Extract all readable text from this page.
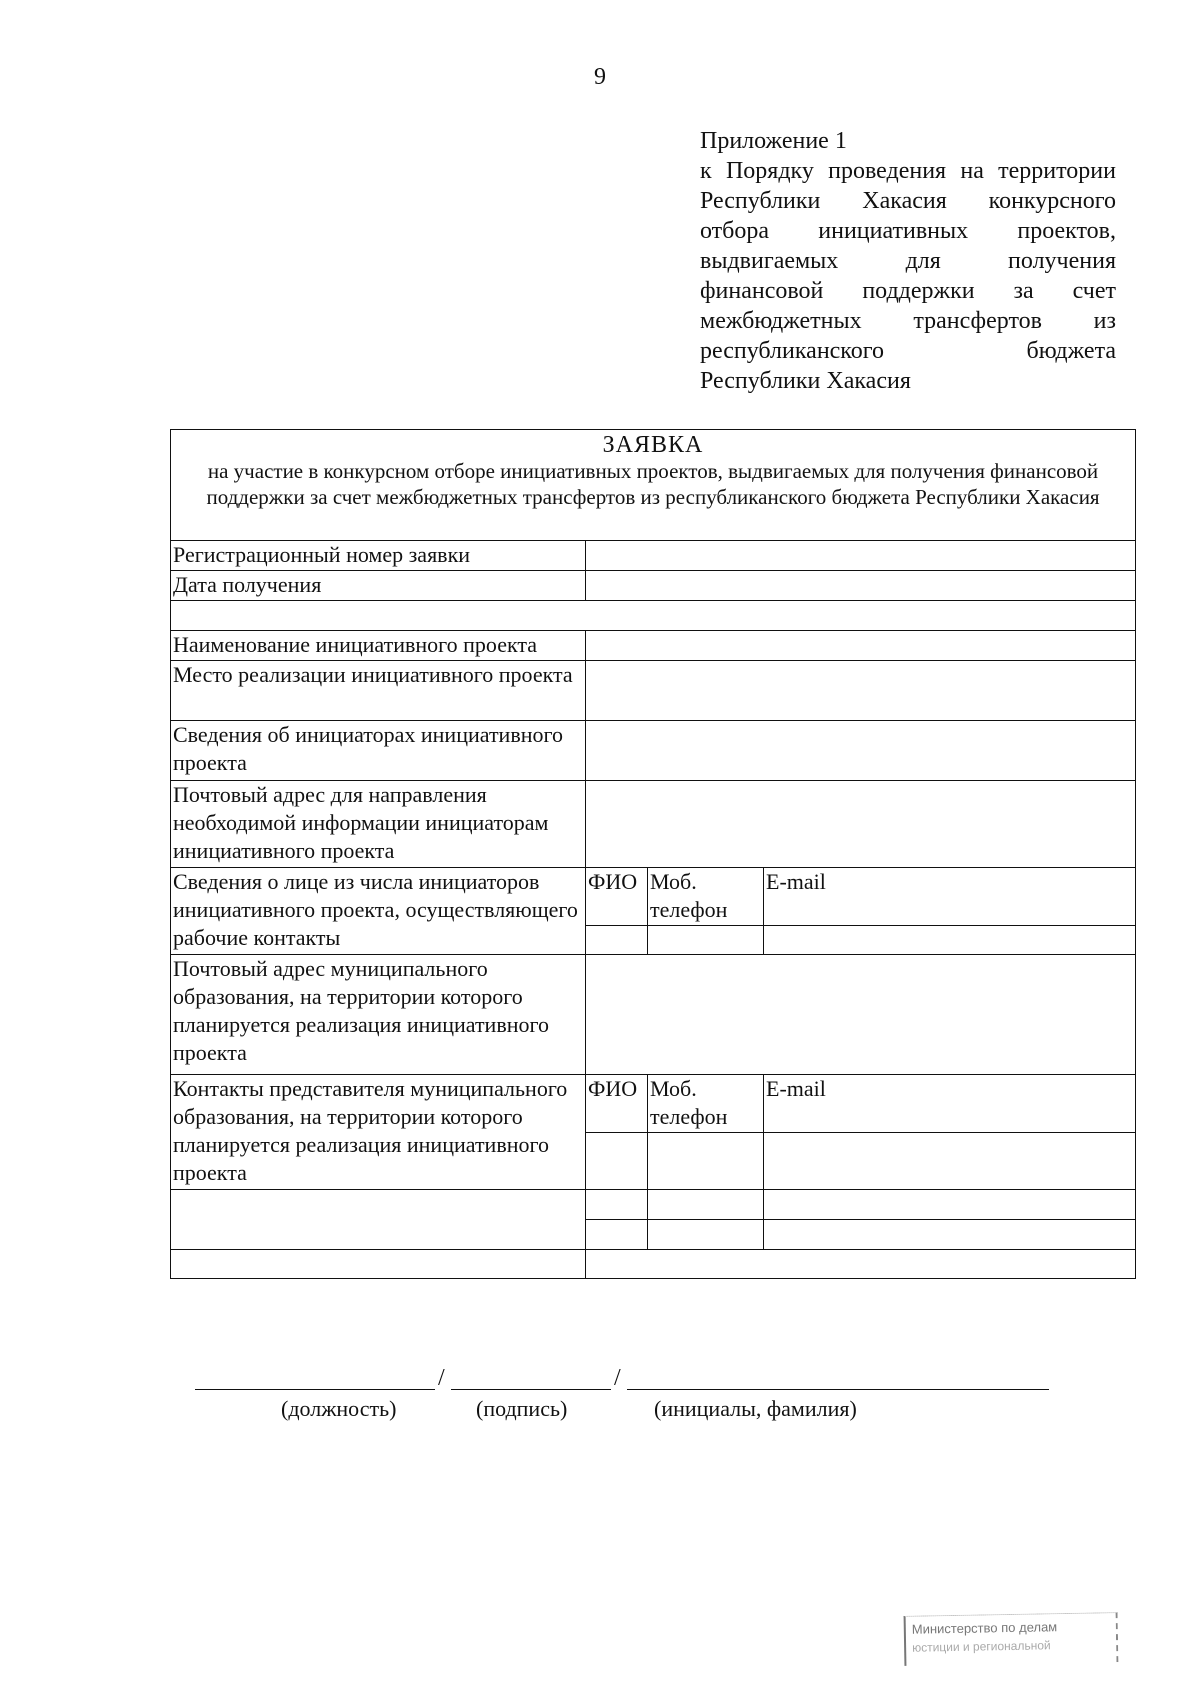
9
Приложение 1
к Порядку проведения на территории
Республики Хакасия конкурсного
отбора инициативных проектов,
выдвигаемых для получения
финансовой поддержки за счет
межбюджетных трансфертов из
республиканского бюджета
Республики Хакасия
ЗАЯВКА
на участие в конкурсном отборе инициативных проектов, выдвигаемых для получения финансовой поддержки за счет межбюджетных трансфертов из республиканского бюджета Республики Хакасия			

Регистрационный номер заявки			
Дата получения			

Наименование инициативного проекта			
Место реализации инициативного проекта			
Сведения об инициаторах инициативного проекта			
Почтовый адрес для направления необходимой информации инициаторам инициативного проекта			
Сведения о лице из числа инициаторов инициативного проекта, осуществляющего рабочие контакты	ФИО	Моб. телефон	E-mail

Почтовый адрес муниципального образования, на территории которого планируется реализация инициативного проекта			
Контакты представителя муниципального образования, на территории которого планируется реализация инициативного проекта	ФИО	Моб. телефон	E-mail

/	/
(должность)	(подпись)	(инициалы, фамилия)
Министерство по делам
юстиции и региональной
